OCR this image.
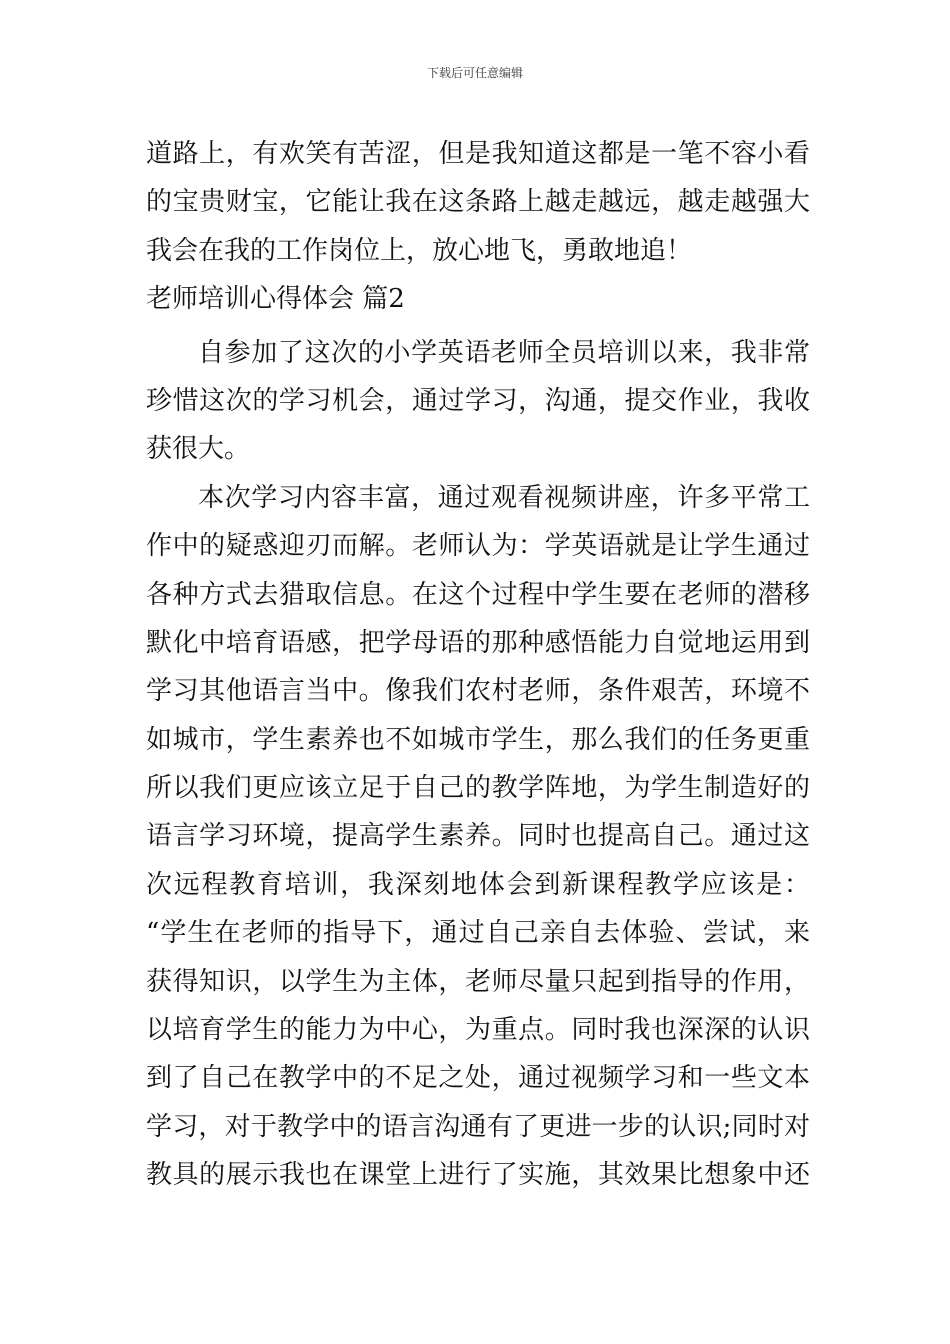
下载后可任意编辑
道路上，有欢笑有苦涩，但是我知道这都是一笔不容小看
的宝贵财宝，它能让我在这条路上越走越远，越走越强大
我会在我的工作岗位上，放心地飞，勇敢地追！
老师培训心得体会 篇2
自参加了这次的小学英语老师全员培训以来，我非常
珍惜这次的学习机会，通过学习，沟通，提交作业，我收
获很大。
本次学习内容丰富，通过观看视频讲座，许多平常工
作中的疑惑迎刃而解。老师认为：学英语就是让学生通过
各种方式去猎取信息。在这个过程中学生要在老师的潜移
默化中培育语感，把学母语的那种感悟能力自觉地运用到
学习其他语言当中。像我们农村老师，条件艰苦，环境不
如城市，学生素养也不如城市学生，那么我们的任务更重
所以我们更应该立足于自己的教学阵地，为学生制造好的
语言学习环境，提高学生素养。同时也提高自己。通过这
次远程教育培训，我深刻地体会到新课程教学应该是：
“学生在老师的指导下，通过自己亲自去体验、尝试，来
获得知识，以学生为主体，老师尽量只起到指导的作用，
以培育学生的能力为中心，为重点。同时我也深深的认识
到了自己在教学中的不足之处，通过视频学习和一些文本
学习，对于教学中的语言沟通有了更进一步的认识;同时对
教具的展示我也在课堂上进行了实施，其效果比想象中还
